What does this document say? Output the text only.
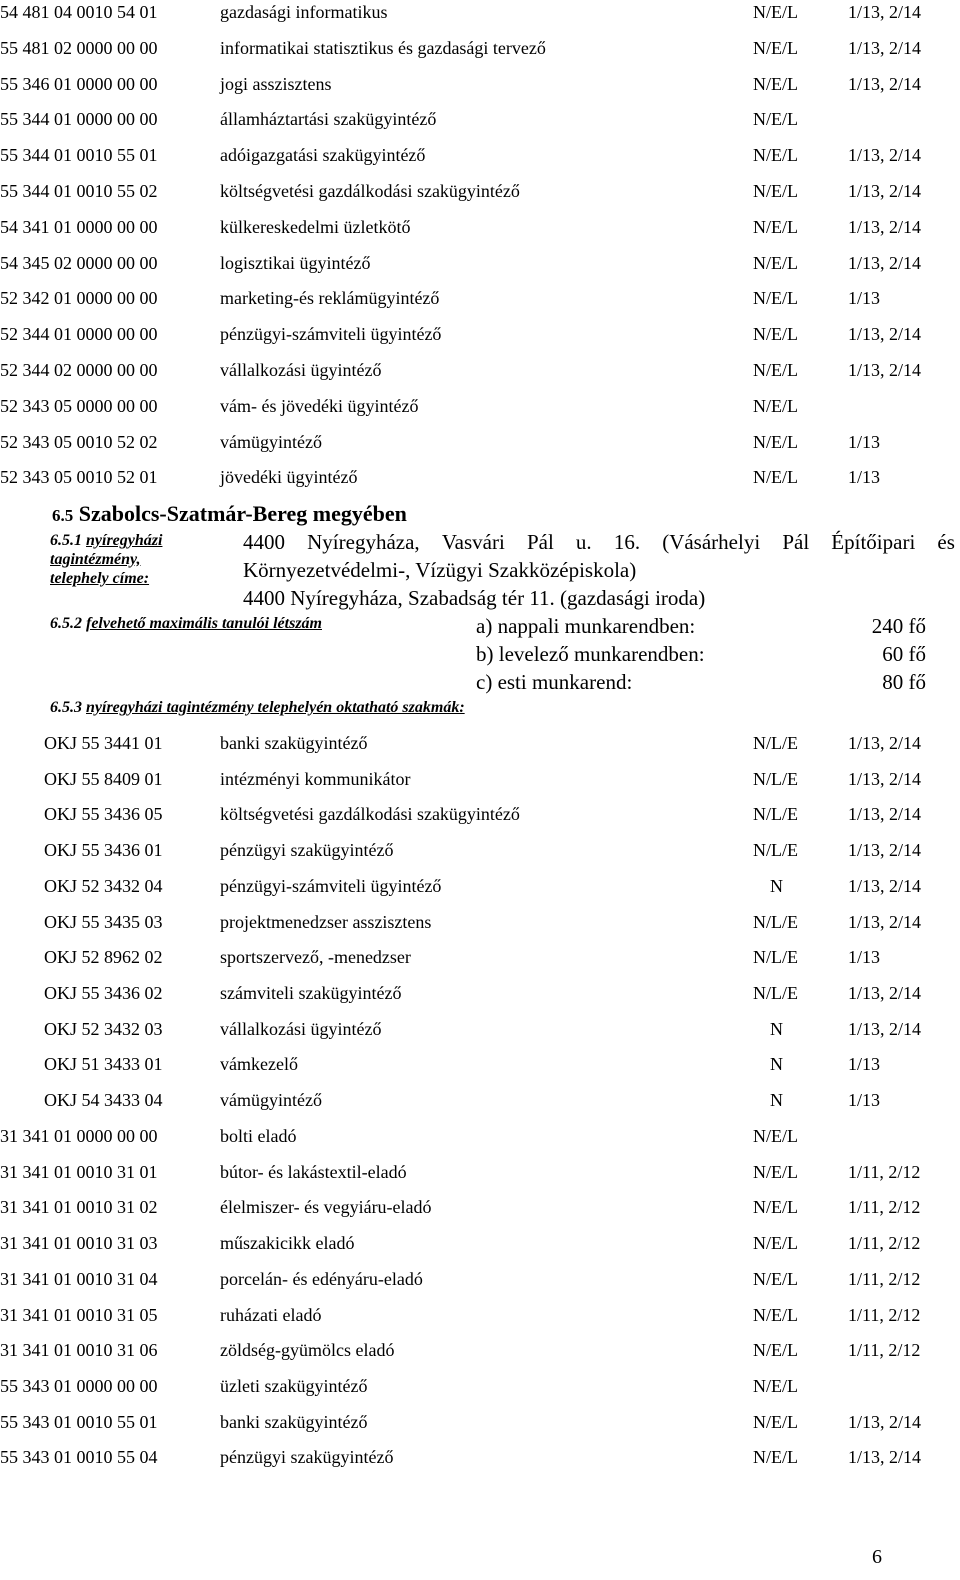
54 481 04 0010 54 01	gazdasági informatikus	N/E/L	1/13, 2/14
55 481 02 0000 00 00	informatikai statisztikus és gazdasági tervező	N/E/L	1/13, 2/14
55 346 01 0000 00 00	jogi asszisztens	N/E/L	1/13, 2/14
55 344 01 0000 00 00	államháztartási szakügyintéző	N/E/L
55 344 01 0010 55 01	adóigazgatási szakügyintéző	N/E/L	1/13, 2/14
55 344 01 0010 55 02	költségvetési gazdálkodási szakügyintéző	N/E/L	1/13, 2/14
54 341 01 0000 00 00	külkereskedelmi üzletkötő	N/E/L	1/13, 2/14
54 345 02 0000 00 00	logisztikai ügyintéző	N/E/L	1/13, 2/14
52 342 01 0000 00 00	marketing-és reklámügyintéző	N/E/L	1/13
52 344 01 0000 00 00	pénzügyi-számviteli ügyintéző	N/E/L	1/13, 2/14
52 344 02 0000 00 00	vállalkozási ügyintéző	N/E/L	1/13, 2/14
52 343 05 0000 00 00	vám- és jövedéki ügyintéző	N/E/L
52 343 05 0010 52 02	vámügyintéző	N/E/L	1/13
52 343 05 0010 52 01	jövedéki ügyintéző	N/E/L	1/13
6.5 Szabolcs-Szatmár-Bereg megyében
6.5.1 nyíregyházi
tagintézmény,
telephely címe:
4400 Nyíregyháza, Vasvári Pál u. 16. (Vásárhelyi Pál Építőipari és
Környezetvédelmi-, Vízügyi Szakközépiskola)
4400 Nyíregyháza, Szabadság tér 11. (gazdasági iroda)
6.5.2 felvehető maximális tanulói létszám	a) nappali munkarendben:	240 fő
b) levelező munkarendben:	60 fő
c) esti munkarend:	80 fő
6.5.3 nyíregyházi tagintézmény telephelyén oktatható szakmák:
OKJ 55 3441 01	banki szakügyintéző	N/L/E	1/13, 2/14
OKJ 55 8409 01	intézményi kommunikátor	N/L/E	1/13, 2/14
OKJ 55 3436 05	költségvetési gazdálkodási szakügyintéző	N/L/E	1/13, 2/14
OKJ 55 3436 01	pénzügyi szakügyintéző	N/L/E	1/13, 2/14
OKJ 52 3432 04	pénzügyi-számviteli ügyintéző	N	1/13, 2/14
OKJ 55 3435 03	projektmenedzser asszisztens	N/L/E	1/13, 2/14
OKJ 52 8962 02	sportszervező, -menedzser	N/L/E	1/13
OKJ 55 3436 02	számviteli szakügyintéző	N/L/E	1/13, 2/14
OKJ 52 3432 03	vállalkozási ügyintéző	N	1/13, 2/14
OKJ 51 3433 01	vámkezelő	N	1/13
OKJ 54 3433 04	vámügyintéző	N	1/13
31 341 01 0000 00 00	bolti eladó	N/E/L
31 341 01 0010 31 01	bútor- és lakástextil-eladó	N/E/L	1/11, 2/12
31 341 01 0010 31 02	élelmiszer- és vegyiáru-eladó	N/E/L	1/11, 2/12
31 341 01 0010 31 03	műszakicikk eladó	N/E/L	1/11, 2/12
31 341 01 0010 31 04	porcelán- és edényáru-eladó	N/E/L	1/11, 2/12
31 341 01 0010 31 05	ruházati eladó	N/E/L	1/11, 2/12
31 341 01 0010 31 06	zöldség-gyümölcs eladó	N/E/L	1/11, 2/12
55 343 01 0000 00 00	üzleti szakügyintéző	N/E/L
55 343 01 0010 55 01	banki szakügyintéző	N/E/L	1/13, 2/14
55 343 01 0010 55 04	pénzügyi szakügyintéző	N/E/L	1/13, 2/14
6
